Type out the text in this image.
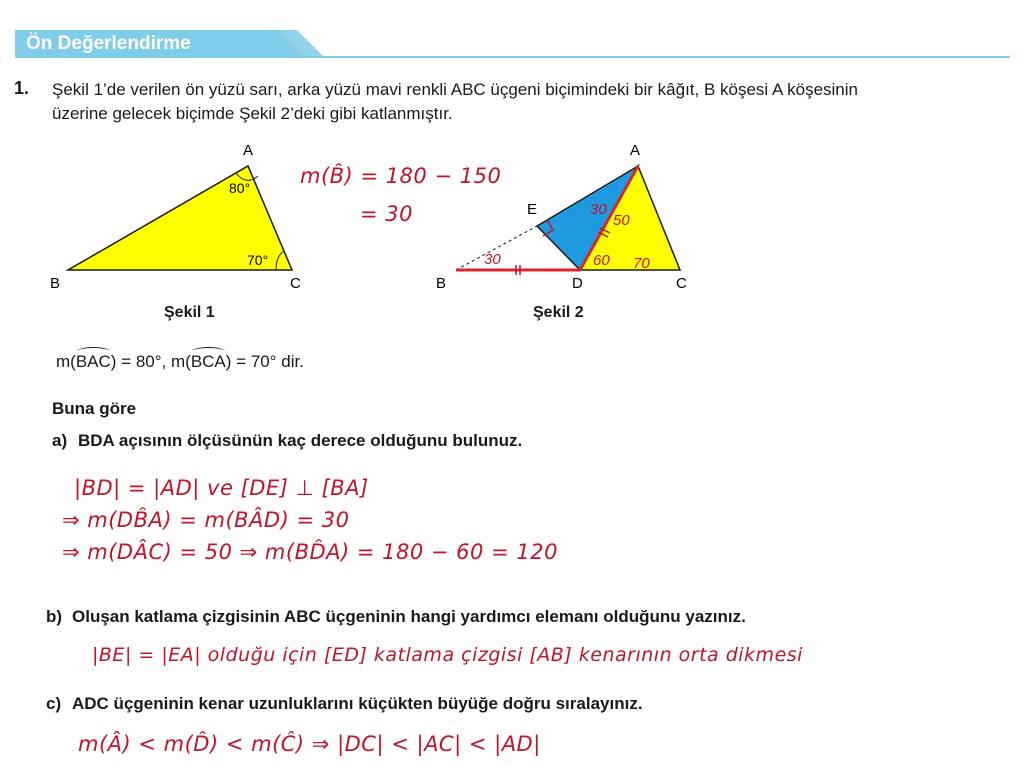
Ön Değerlendirme
1. Şekil 1’de verilen ön yüzü sarı, arka yüzü mavi renkli ABC üçgeni biçimindeki bir kâğıt, B köşesi A köşesinin
üzerine gelecek biçimde Şekil 2’deki gibi katlanmıştır.
A
B	C
80°
70°
Şekil 1
m(B̂) = 180 − 150
= 30
30
30
50
60 70
A
E
B	D	C
Şekil 2
m(BAC) = 80°, m(BCA) = 70° dir.
Buna göre
a) BDA açısının ölçüsünün kaç derece olduğunu bulunuz.
|BD| = |AD| ve [DE] ⊥ [BA]
⇒ m(DB̂A) = m(BÂD) = 30
⇒ m(DÂC) = 50 ⇒ m(BD̂A) = 180 − 60 = 120
b) Oluşan katlama çizgisinin ABC üçgeninin hangi yardımcı elemanı olduğunu yazınız.
|BE| = |EA| olduğu için [ED] katlama çizgisi [AB] kenarının orta dikmesi
c) ADC üçgeninin kenar uzunluklarını küçükten büyüğe doğru sıralayınız.
m(Â) < m(D̂) < m(Ĉ) ⇒ |DC| < |AC| < |AD|
